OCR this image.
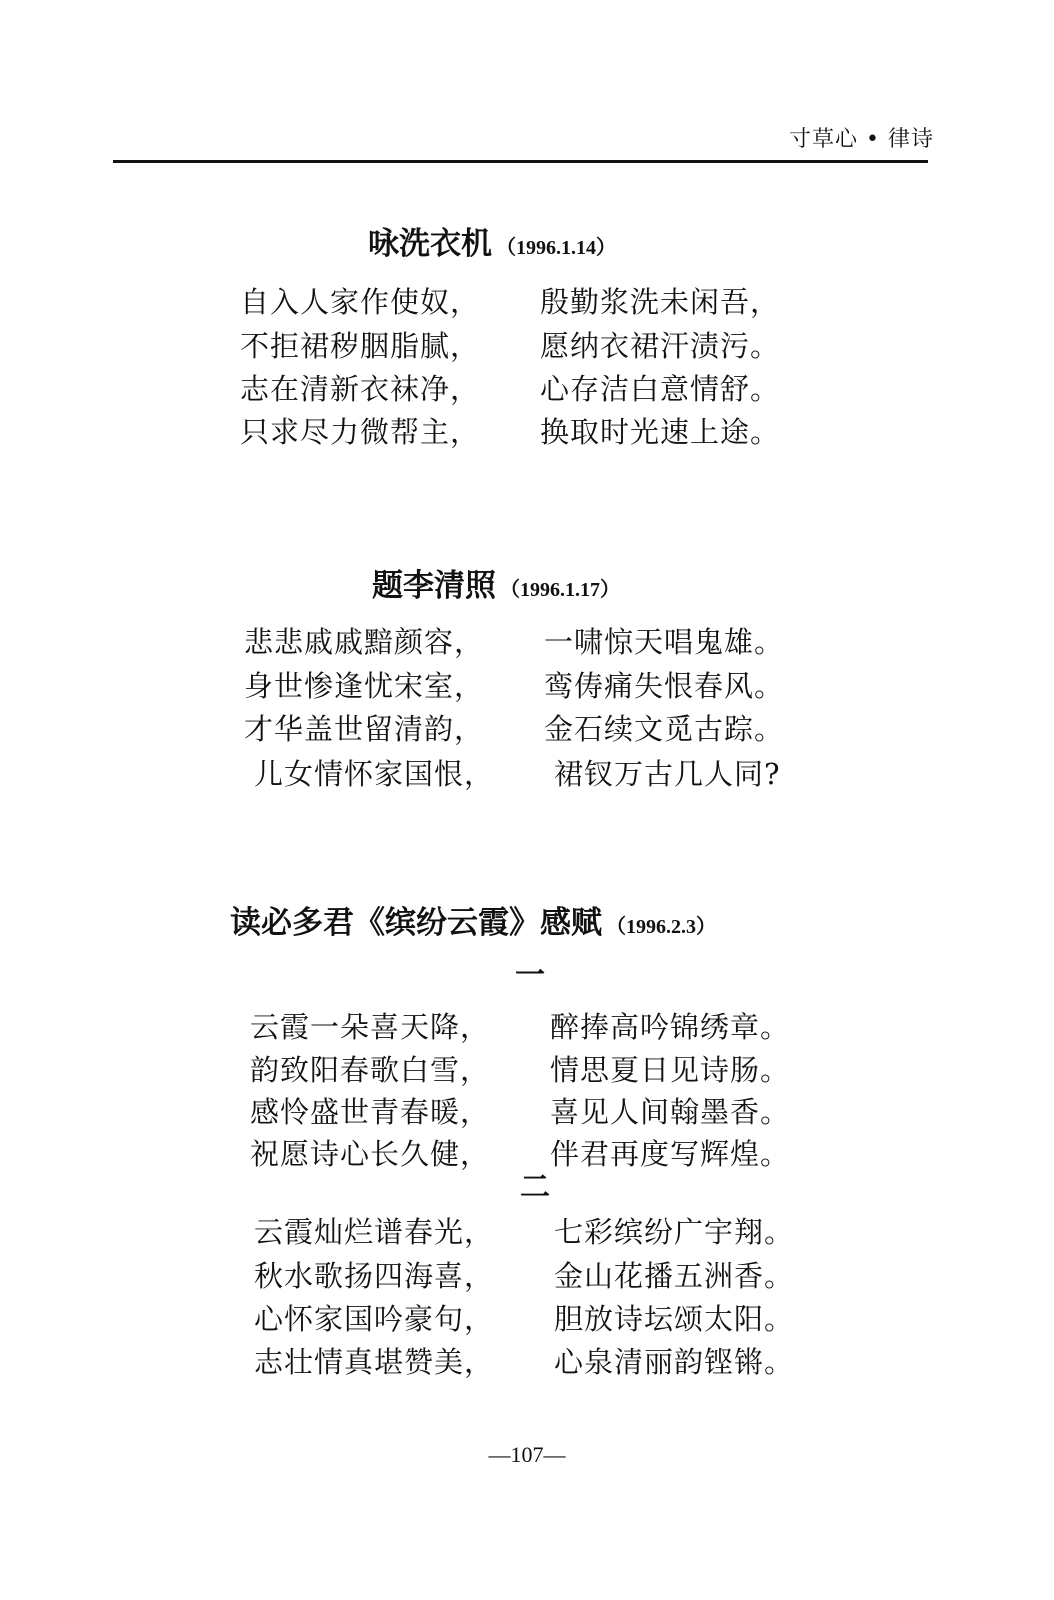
寸草心 • 律诗
咏洗衣机 （1996.1.14）
自入人家作使奴， 殷勤浆洗未闲吾，
不拒裙秽胭脂腻， 愿纳衣裙汗渍污。
志在清新衣袜净， 心存洁白意情舒。
只求尽力微帮主， 换取时光速上途。
题李清照 （1996.1.17）
悲悲戚戚黯颜容， 一啸惊天唱鬼雄。
身世惨逢忧宋室， 鸾俦痛失恨春风。
才华盖世留清韵， 金石续文觅古踪。
儿女情怀家国恨， 裙钗万古几人同?
读必多君《缤纷云霞》感赋 （1996.2.3）
一
云霞一朵喜天降， 醉捧高吟锦绣章。
韵致阳春歌白雪， 情思夏日见诗肠。
感怜盛世青春暖， 喜见人间翰墨香。
祝愿诗心长久健， 伴君再度写辉煌。
二
云霞灿烂谱春光， 七彩缤纷广宇翔。
秋水歌扬四海喜， 金山花播五洲香。
心怀家国吟豪句， 胆放诗坛颂太阳。
志壮情真堪赞美， 心泉清丽韵铿锵。
—107—
